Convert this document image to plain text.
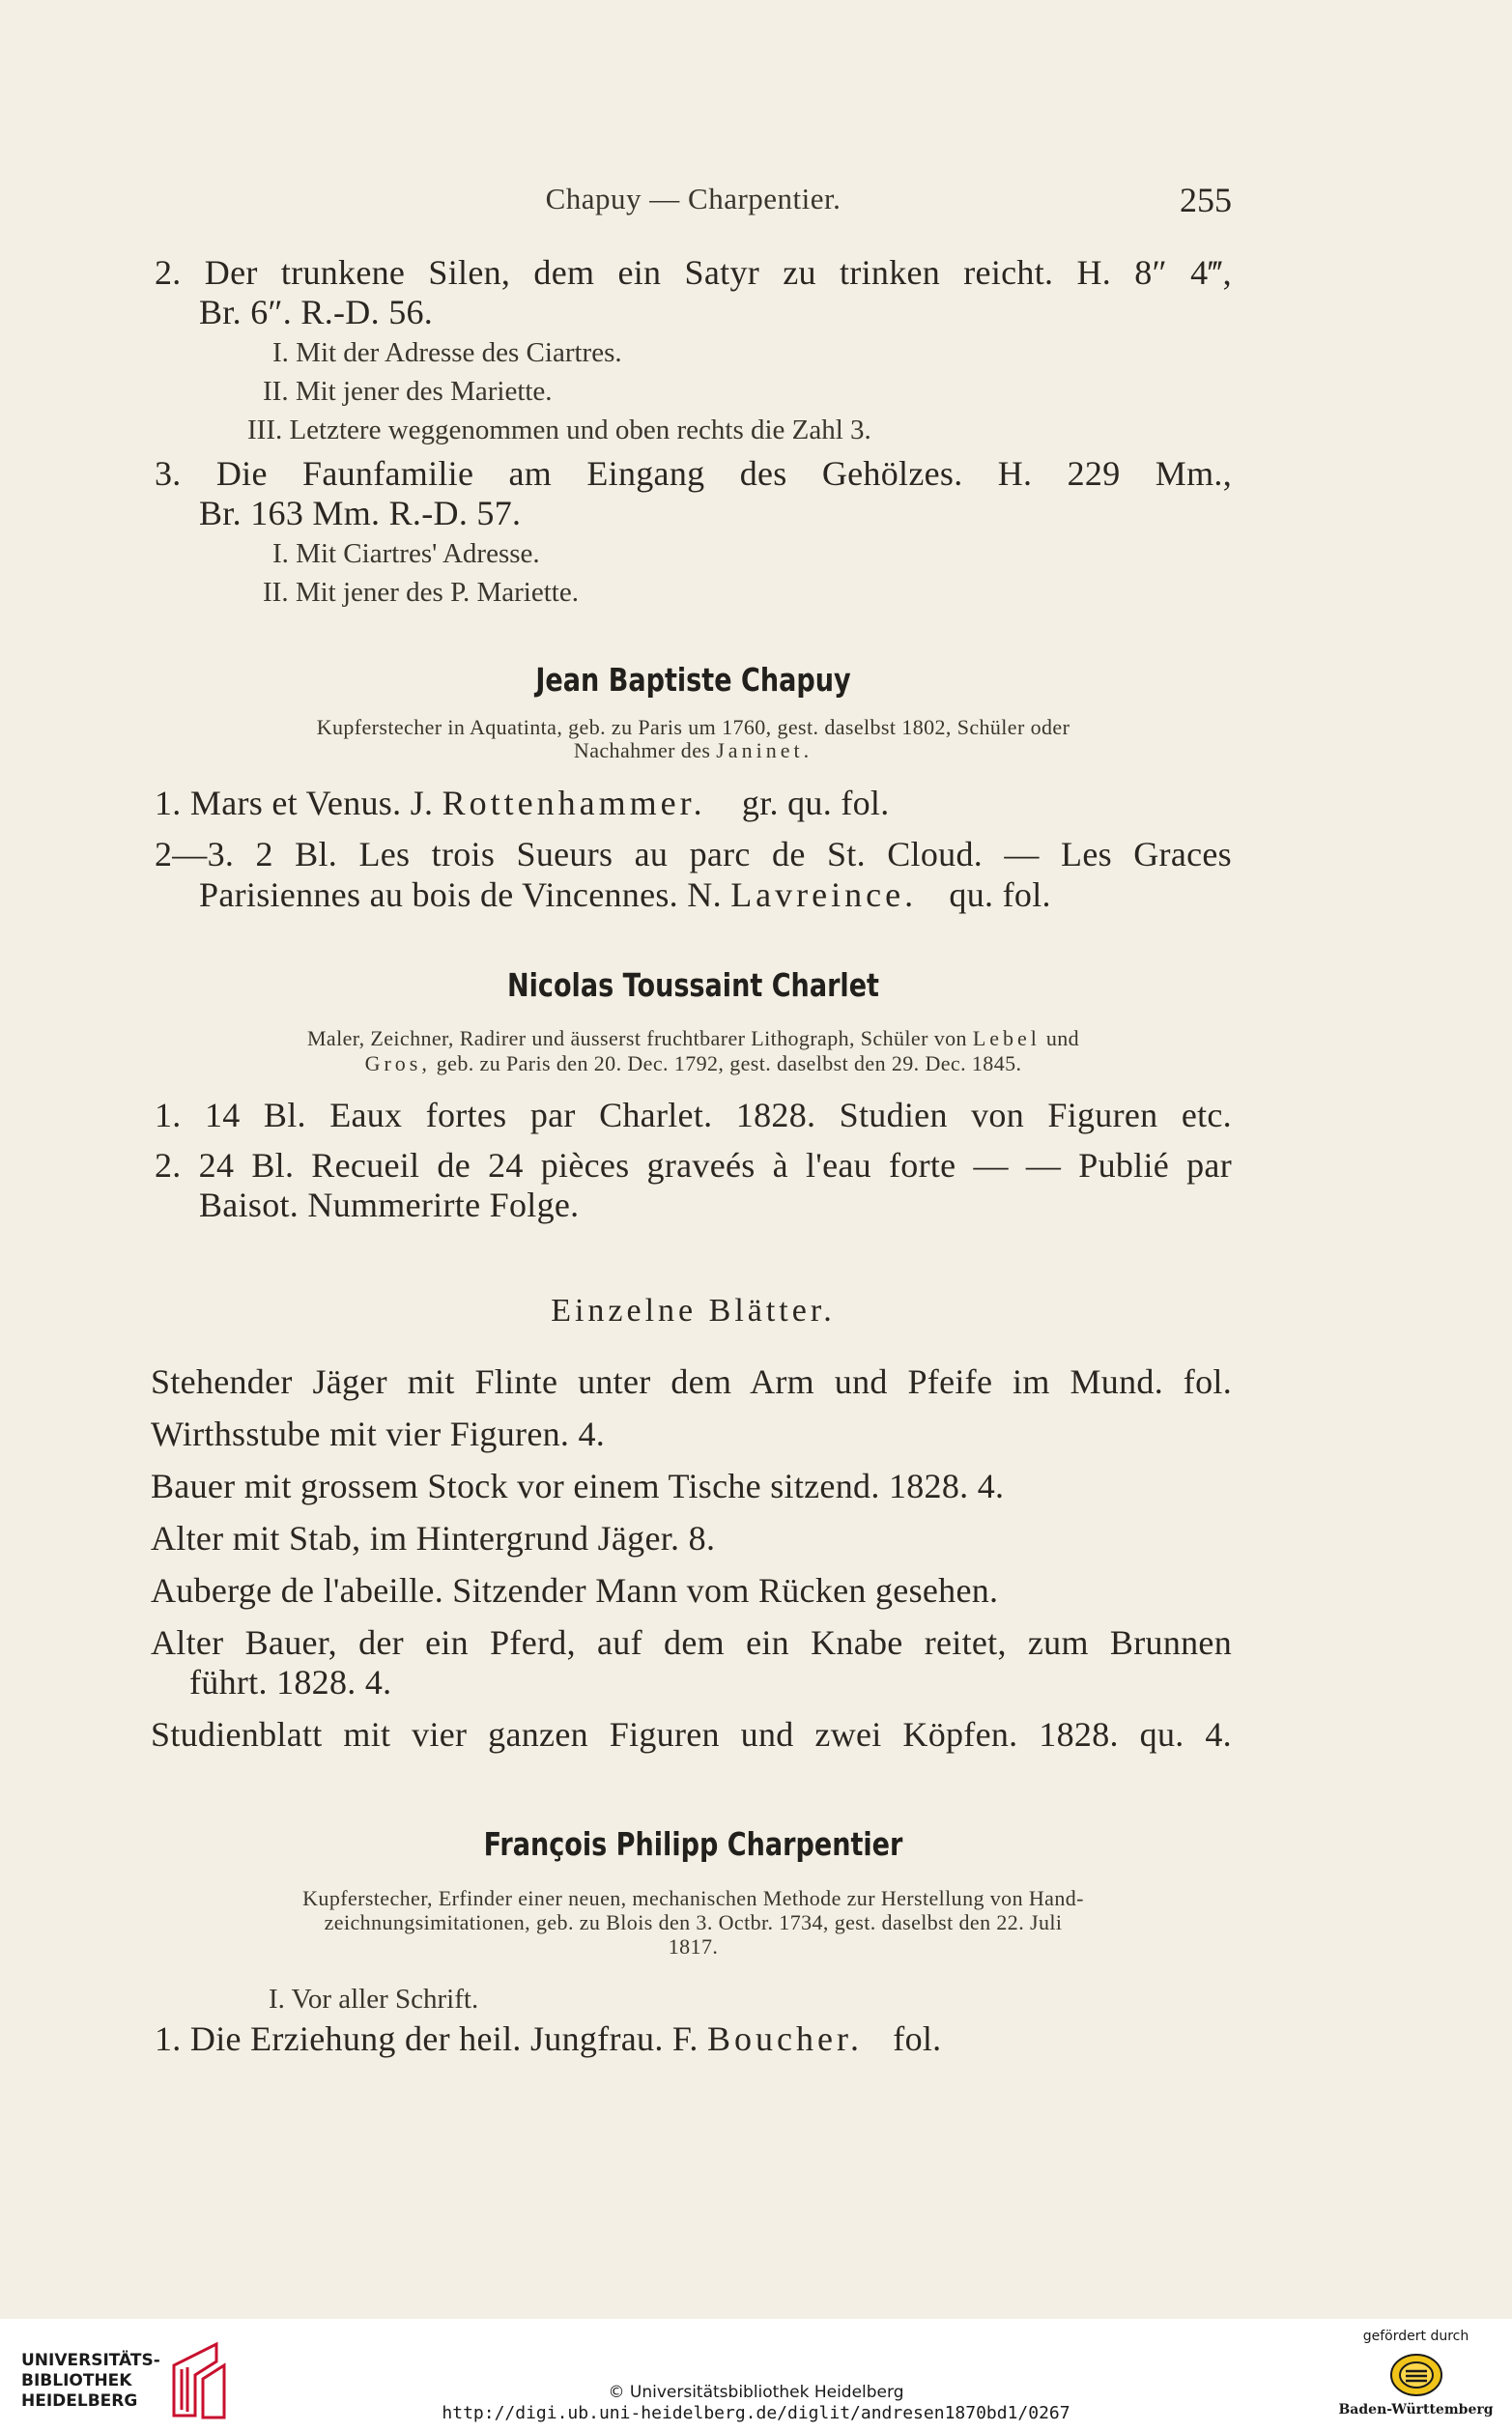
Chapuy — Charpentier.	255
2. Der trunkene Silen, dem ein Satyr zu trinken reicht. H. 8″ 4‴,
Br. 6″. R.-D. 56.
I. Mit der Adresse des Ciartres.
II. Mit jener des Mariette.
III. Letztere weggenommen und oben rechts die Zahl 3.
3. Die Faunfamilie am Eingang des Gehölzes. H. 229 Mm.,
Br. 163 Mm. R.-D. 57.
I. Mit Ciartres' Adresse.
II. Mit jener des P. Mariette.
Jean Baptiste Chapuy
Kupferstecher in Aquatinta, geb. zu Paris um 1760, gest. daselbst 1802, Schüler oder
Nachahmer des Janinet.
1. Mars et Venus. J. Rottenhammer. gr. qu. fol.
2—3. 2 Bl. Les trois Sueurs au parc de St. Cloud. — Les Graces
Parisiennes au bois de Vincennes. N. Lavreince. qu. fol.
Nicolas Toussaint Charlet
Maler, Zeichner, Radirer und äusserst fruchtbarer Lithograph, Schüler von Lebel und
Gros, geb. zu Paris den 20. Dec. 1792, gest. daselbst den 29. Dec. 1845.
1. 14 Bl. Eaux fortes par Charlet. 1828. Studien von Figuren etc.
2. 24 Bl. Recueil de 24 pièces graveés à l'eau forte — — Publié par
Baisot. Nummerirte Folge.
Einzelne Blätter.
Stehender Jäger mit Flinte unter dem Arm und Pfeife im Mund. fol.
Wirthsstube mit vier Figuren. 4.
Bauer mit grossem Stock vor einem Tische sitzend. 1828. 4.
Alter mit Stab, im Hintergrund Jäger. 8.
Auberge de l'abeille. Sitzender Mann vom Rücken gesehen.
Alter Bauer, der ein Pferd, auf dem ein Knabe reitet, zum Brunnen
führt. 1828. 4.
Studienblatt mit vier ganzen Figuren und zwei Köpfen. 1828. qu. 4.
François Philipp Charpentier
Kupferstecher, Erfinder einer neuen, mechanischen Methode zur Herstellung von Hand-
zeichnungsimitationen, geb. zu Blois den 3. Octbr. 1734, gest. daselbst den 22. Juli
1817.
I. Vor aller Schrift.
1. Die Erziehung der heil. Jungfrau. F. Boucher. fol.
UNIVERSITÄTS-
BIBLIOTHEK
HEIDELBERG	© Universitätsbibliothek Heidelberg
http://digi.ub.uni-heidelberg.de/diglit/andresen1870bd1/0267
gefördert durch
Baden-Württemberg
